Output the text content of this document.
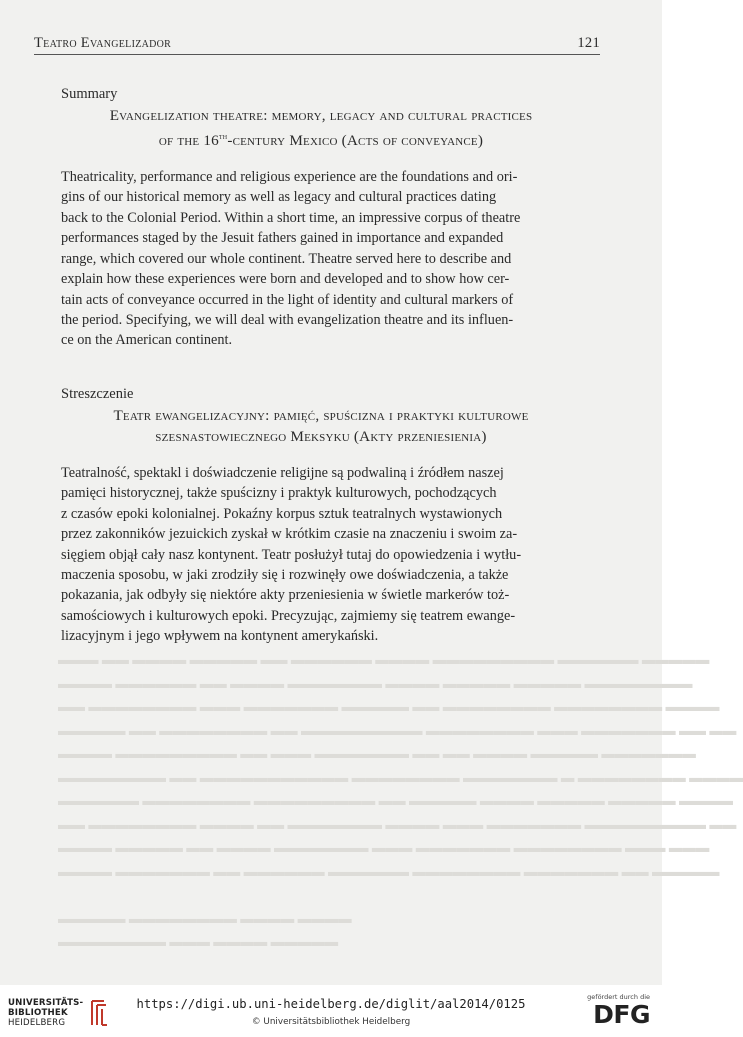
▬▬▬ ▬▬ ▬▬▬▬ ▬▬▬▬▬ ▬▬ ▬▬▬▬▬▬ ▬▬▬▬ ▬▬▬▬▬▬▬▬▬ ▬▬▬▬▬▬ ▬▬▬▬▬
▬▬▬▬ ▬▬▬▬▬▬ ▬▬ ▬▬▬▬ ▬▬▬▬▬▬▬ ▬▬▬▬ ▬▬▬▬▬ ▬▬▬▬▬ ▬▬▬▬▬▬▬▬
▬▬ ▬▬▬▬▬▬▬▬ ▬▬▬ ▬▬▬▬▬▬▬ ▬▬▬▬▬ ▬▬ ▬▬▬▬▬▬▬▬ ▬▬▬▬▬▬▬▬ ▬▬▬▬
▬▬▬▬▬ ▬▬ ▬▬▬▬▬▬▬▬ ▬▬ ▬▬▬▬▬▬▬▬▬ ▬▬▬▬▬▬▬▬ ▬▬▬ ▬▬▬▬▬▬▬ ▬▬ ▬▬
▬▬▬▬ ▬▬▬▬▬▬▬▬▬ ▬▬ ▬▬▬ ▬▬▬▬▬▬▬ ▬▬ ▬▬ ▬▬▬▬ ▬▬▬▬▬ ▬▬▬▬▬▬▬
▬▬▬▬▬▬▬▬ ▬▬ ▬▬▬▬▬▬▬▬▬▬▬ ▬▬▬▬▬▬▬▬ ▬▬▬▬▬▬▬ ▬ ▬▬▬▬▬▬▬▬ ▬▬▬▬
▬▬▬▬▬▬ ▬▬▬▬▬▬▬▬ ▬▬▬▬▬▬▬▬▬ ▬▬ ▬▬▬▬▬ ▬▬▬▬ ▬▬▬▬▬ ▬▬▬▬▬ ▬▬▬▬
▬▬ ▬▬▬▬▬▬▬▬ ▬▬▬▬ ▬▬ ▬▬▬▬▬▬▬ ▬▬▬▬ ▬▬▬ ▬▬▬▬▬▬▬ ▬▬▬▬▬▬▬▬▬ ▬▬
▬▬▬▬ ▬▬▬▬▬ ▬▬ ▬▬▬▬ ▬▬▬▬▬▬▬ ▬▬▬ ▬▬▬▬▬▬▬ ▬▬▬▬▬▬▬▬ ▬▬▬ ▬▬▬
▬▬▬▬ ▬▬▬▬▬▬▬ ▬▬ ▬▬▬▬▬▬ ▬▬▬▬▬▬ ▬▬▬▬▬▬▬▬ ▬▬▬▬▬▬▬ ▬▬ ▬▬▬▬▬

▬▬▬▬▬ ▬▬▬▬▬▬▬▬ ▬▬▬▬ ▬▬▬▬
▬▬▬▬▬▬▬▬ ▬▬▬ ▬▬▬▬ ▬▬▬▬▬
Teatro Evangelizador	121
Summary
Evangelization theatre: memory, legacy and cultural practices
of the 16th-century Mexico (Acts of conveyance)
Theatricality, performance and religious experience are the foundations and ori-
gins of our historical memory as well as legacy and cultural practices dating
back to the Colonial Period. Within a short time, an impressive corpus of theatre
performances staged by the Jesuit fathers gained in importance and expanded
range, which covered our whole continent. Theatre served here to describe and
explain how these experiences were born and developed and to show how cer-
tain acts of conveyance occurred in the light of identity and cultural markers of
the period. Specifying, we will deal with evangelization theatre and its influen-
ce on the American continent.
Streszczenie
Teatr ewangelizacyjny: pamięć, spuścizna i praktyki kulturowe
szesnastowiecznego Meksyku (Akty przeniesienia)
Teatralność, spektakl i doświadczenie religijne są podwaliną i źródłem naszej
pamięci historycznej, także spuścizny i praktyk kulturowych, pochodzących
z czasów epoki kolonialnej. Pokaźny korpus sztuk teatralnych wystawionych
przez zakonników jezuickich zyskał w krótkim czasie na znaczeniu i swoim za-
sięgiem objął cały nasz kontynent. Teatr posłużył tutaj do opowiedzenia i wytłu-
maczenia sposobu, w jaki zrodziły się i rozwinęły owe doświadczenia, a także
pokazania, jak odbyły się niektóre akty przeniesienia w świetle markerów toż-
samościowych i kulturowych epoki. Precyzując, zajmiemy się teatrem ewange-
lizacyjnym i jego wpływem na kontynent amerykański.
UNIVERSITÄTS-
BIBLIOTHEK
HEIDELBERG
https://digi.ub.uni-heidelberg.de/diglit/aal2014/0125
© Universitätsbibliothek Heidelberg
gefördert durch die
DFG
